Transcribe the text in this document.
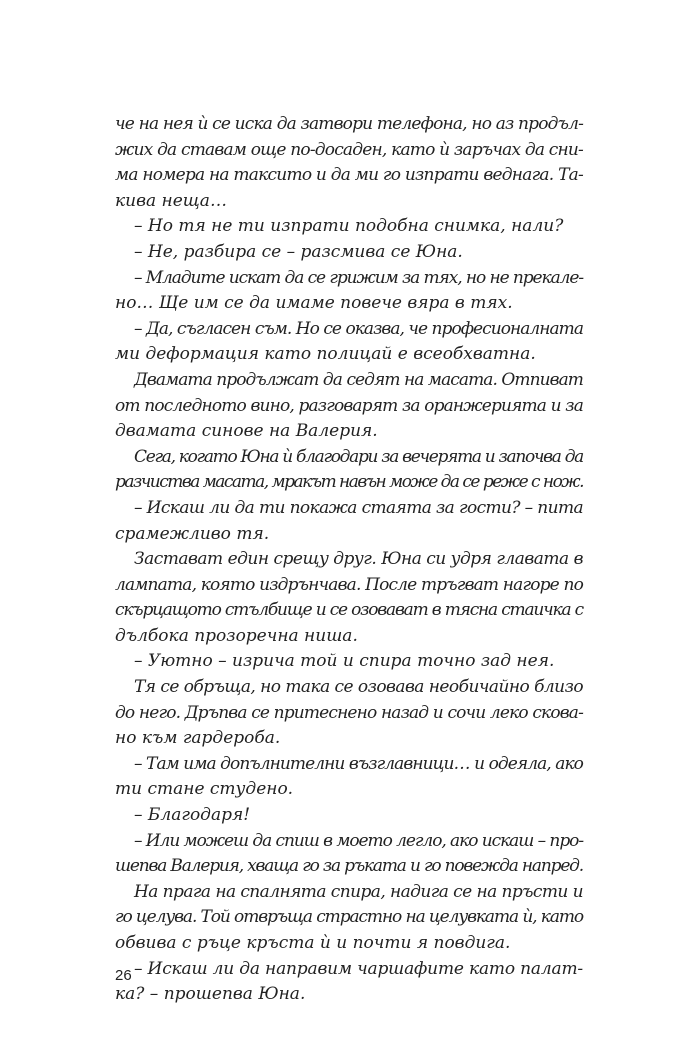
че на нея ѝ се иска да затвори телефона, но аз продъл-
жих да ставам още по-досаден, като ѝ заръчах да сни-
ма номера на таксито и да ми го изпрати веднага. Та-
кива неща…
– Но тя не ти изпрати подобна снимка, нали?
– Не, разбира се – разсмива се Юна.
– Младите искат да се грижим за тях, но не прекале-
но… Ще им се да имаме повече вяра в тях.
– Да, съгласен съм. Но се оказва, че професионалната
ми деформация като полицай е всеобхватна.
Двамата продължат да седят на масата. Отпиват
от последното вино, разговарят за оранжерията и за
двамата синове на Валерия.
Сега, когато Юна ѝ благодари за вечерята и започва да
разчиства масата, мракът навън може да се реже с нож.
– Искаш ли да ти покажа стаята за гости? – пита
срамежливо тя.
Застават един срещу друг. Юна си удря главата в
лампата, която издрънчава. После тръгват нагоре по
скърцащото стълбище и се озовават в тясна стаичка с
дълбока прозоречна ниша.
– Уютно – изрича той и спира точно зад нея.
Тя се обръща, но така се озовава необичайно близо
до него. Дръпва се притеснено назад и сочи леко скова-
но към гардероба.
– Там има допълнителни възглавници… и одеяла, ако
ти стане студено.
– Благодаря!
– Или можеш да спиш в моето легло, ако искаш – про-
шепва Валерия, хваща го за ръката и го повежда напред.
На прага на спалнята спира, надига се на пръсти и
го целува. Той отвръща страстно на целувката ѝ, като
обвива с ръце кръста ѝ и почти я повдига.
– Искаш ли да направим чаршафите като палат-
ка? – прошепва Юна.
26
